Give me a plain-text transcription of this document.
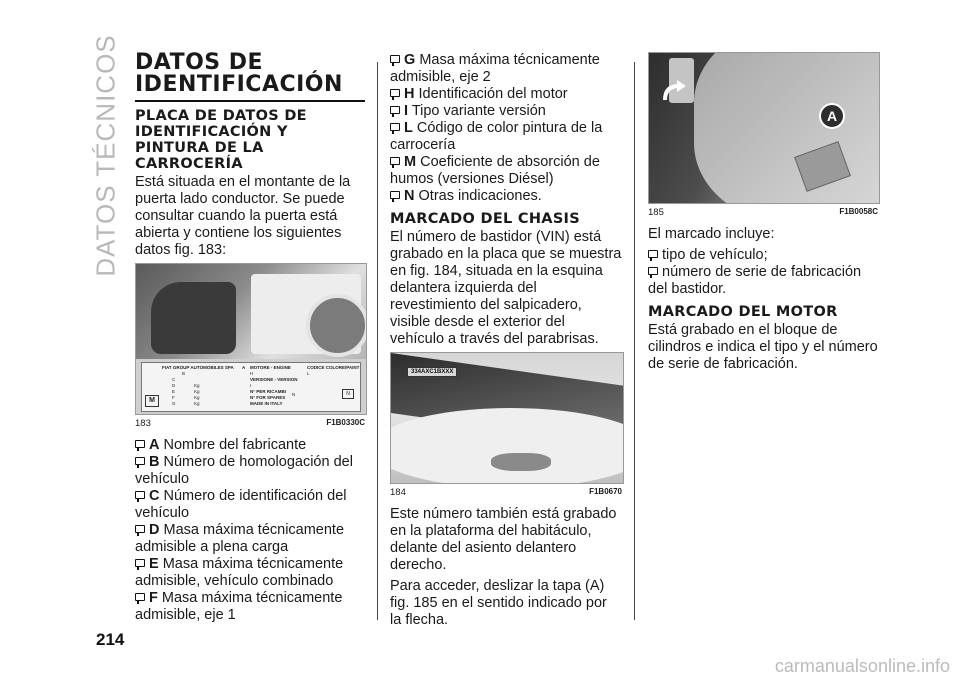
DATOS TÉCNICOS
214
DATOS DE IDENTIFICACIÓN
PLACA DE DATOS DE IDENTIFICACIÓN Y PINTURA DE LA CARROCERÍA

Está situada en el montante de la puerta lado conductor. Se puede consultar cuando la puerta está abierta y contiene los siguientes datos fig. 183:

FIAT GROUP AUTOMOBILES SPA A
B
C
D	Kg
E	Kg
F	Kg
G	Kg
MOTORE - ENGINE
H
CODICE COLORE/PAINT
L
VERSIONE - VERSION
I
N° PER RICAMBI
N° FOR SPARES
N
MADE IN ITALY
M
N
183	F1B0330C

A Nombre del fabricante

B Número de homologación del vehículo

C Número de identificación del vehículo

D Masa máxima técnicamente admisible a plena carga

E Masa máxima técnicamente admisible, vehículo combinado

F Masa máxima técnicamente admisible, eje 1

G Masa máxima técnicamente admisible, eje 2

H Identificación del motor

I Tipo variante versión

L Código de color pintura de la carrocería

M Coeficiente de absorción de humos (versiones Diésel)

N Otras indicaciones.

MARCADO DEL CHASIS

El número de bastidor (VIN) está grabado en la placa que se muestra en fig. 184, situada en la esquina delantera izquierda del revestimiento del salpicadero, visible desde el exterior del vehículo a través del parabrisas.

334AXC1BXXX
184	F1B0670

Este número también está grabado en la plataforma del habitáculo, delante del asiento delantero derecho.

Para acceder, deslizar la tapa (A) fig. 185 en el sentido indicado por la flecha.

A
185	F1B0058C

El marcado incluye:

tipo de vehículo;

número de serie de fabricación del bastidor.

MARCADO DEL MOTOR

Está grabado en el bloque de cilindros e indica el tipo y el número de serie de fabricación.

carmanualsonline.info
